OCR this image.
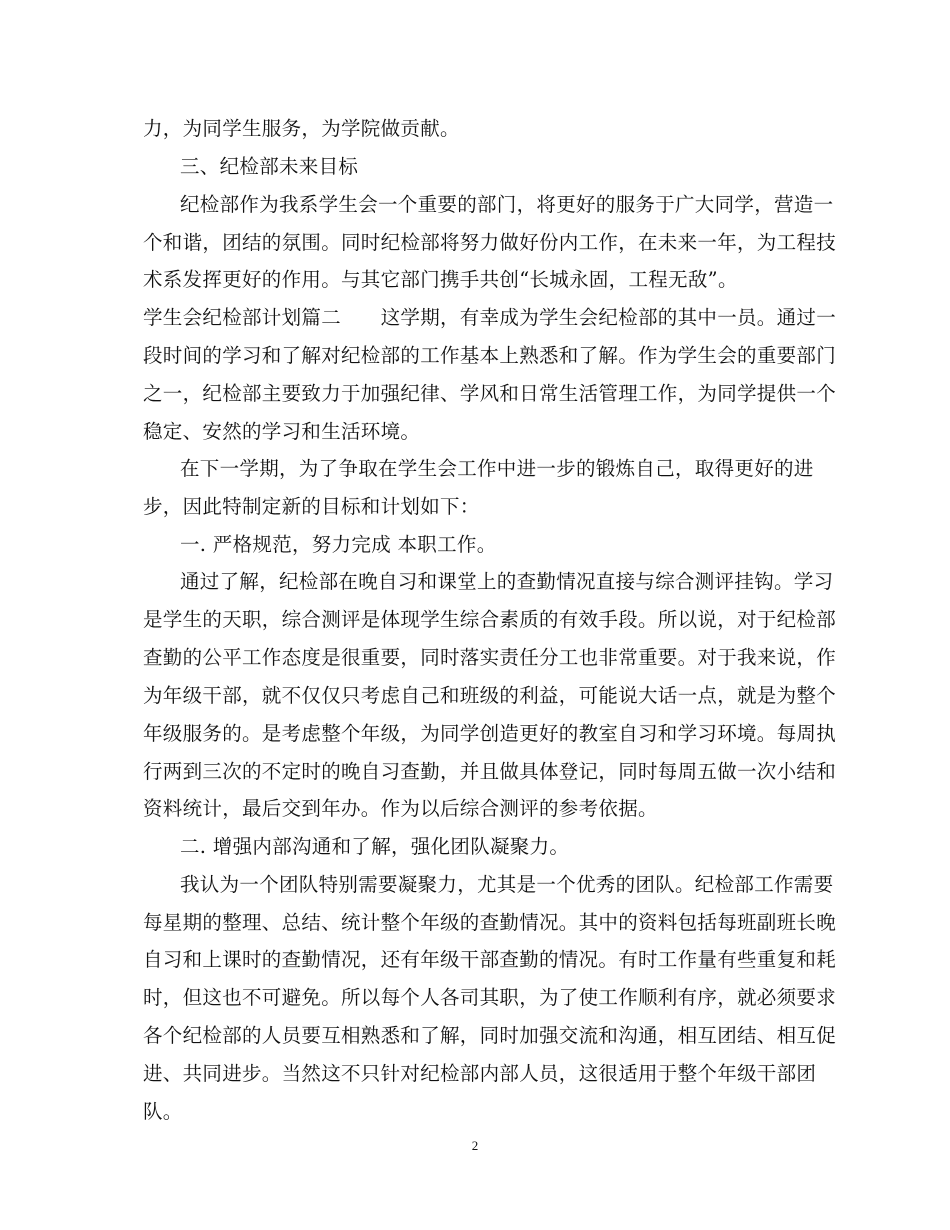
力，为同学生服务，为学院做贡献。
三、纪检部未来目标
纪检部作为我系学生会一个重要的部门，将更好的服务于广大同学，营造一
个和谐，团结的氛围。同时纪检部将努力做好份内工作，在未来一年，为工程技
术系发挥更好的作用。与其它部门携手共创“长城永固，工程无敌”。
学生会纪检部计划篇二　　这学期，有幸成为学生会纪检部的其中一员。通过一
段时间的学习和了解对纪检部的工作基本上熟悉和了解。作为学生会的重要部门
之一，纪检部主要致力于加强纪律、学风和日常生活管理工作，为同学提供一个
稳定、安然的学习和生活环境。
在下一学期，为了争取在学生会工作中进一步的锻炼自己，取得更好的进
步，因此特制定新的目标和计划如下：
一. 严格规范，努力完成 本职工作。
通过了解，纪检部在晚自习和课堂上的查勤情况直接与综合测评挂钩。学习
是学生的天职，综合测评是体现学生综合素质的有效手段。所以说，对于纪检部
查勤的公平工作态度是很重要，同时落实责任分工也非常重要。对于我来说，作
为年级干部，就不仅仅只考虑自己和班级的利益，可能说大话一点，就是为整个
年级服务的。是考虑整个年级，为同学创造更好的教室自习和学习环境。每周执
行两到三次的不定时的晚自习查勤，并且做具体登记，同时每周五做一次小结和
资料统计，最后交到年办。作为以后综合测评的参考依据。
二. 增强内部沟通和了解，强化团队凝聚力。
我认为一个团队特别需要凝聚力，尤其是一个优秀的团队。纪检部工作需要
每星期的整理、总结、统计整个年级的查勤情况。其中的资料包括每班副班长晚
自习和上课时的查勤情况，还有年级干部查勤的情况。有时工作量有些重复和耗
时，但这也不可避免。所以每个人各司其职，为了使工作顺利有序，就必须要求
各个纪检部的人员要互相熟悉和了解，同时加强交流和沟通，相互团结、相互促
进、共同进步。当然这不只针对纪检部内部人员，这很适用于整个年级干部团
队。
2
